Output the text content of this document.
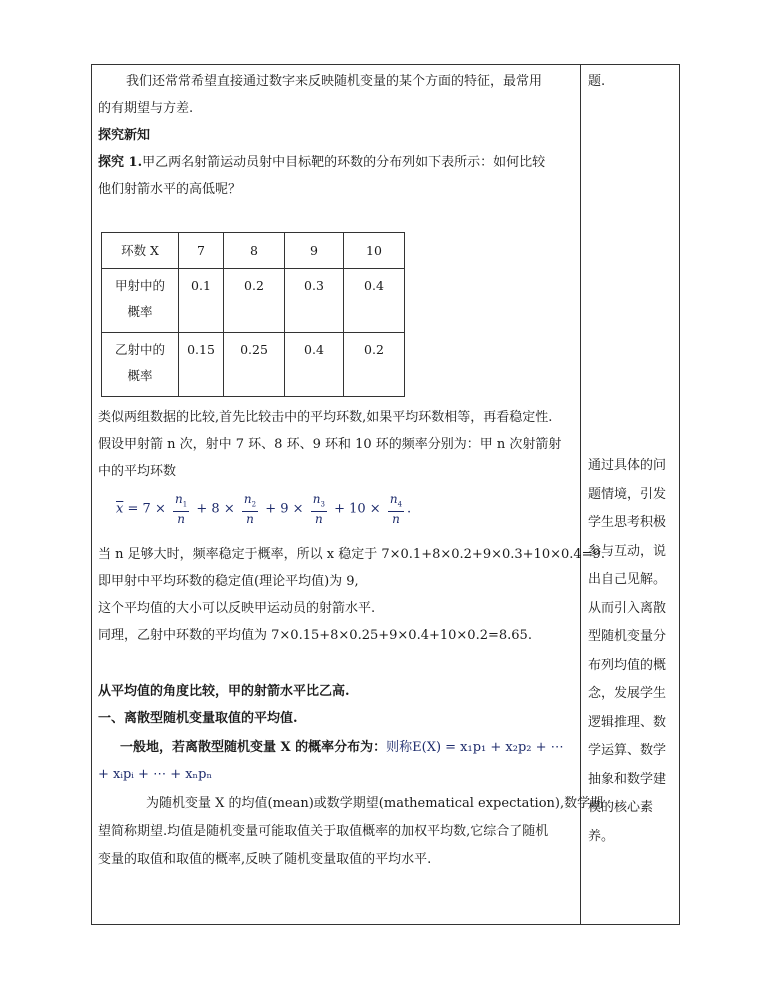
我们还常常希望直接通过数字来反映随机变量的某个方面的特征，最常用

的有期望与方差.

探究新知

探究 1.甲乙两名射箭运动员射中目标靶的环数的分布列如下表所示：如何比较

他们射箭水平的高低呢？

环数 X	7	8	9	10
甲射中的
概率	0.1	0.2	0.3	0.4
乙射中的
概率	0.15	0.25	0.4	0.2

类似两组数据的比较,首先比较击中的平均环数,如果平均环数相等，再看稳定性.

假设甲射箭 n 次，射中 7 环、8 环、9 环和 10 环的频率分别为：甲 n 次射箭射

中的平均环数

$\overline{x} = 7 \times \frac{n_1}{n} + 8 \times \frac{n_2}{n} + 9 \times \frac{n_3}{n} + 10 \times \frac{n_4}{n}$ .

当 n 足够大时，频率稳定于概率，所以 x 稳定于 7×0.1+8×0.2+9×0.3+10×0.4=9.

即甲射中平均环数的稳定值(理论平均值)为 9,

这个平均值的大小可以反映甲运动员的射箭水平.

同理，乙射中环数的平均值为 7×0.15+8×0.25+9×0.4+10×0.2=8.65.

从平均值的角度比较，甲的射箭水平比乙高.

一、离散型随机变量取值的平均值.

一般地，若离散型随机变量 X 的概率分布为：则称E(X) = x₁p₁ + x₂p₂ + ⋯

+ xᵢpᵢ + ⋯ + xₙpₙ

为随机变量 X 的均值(mean)或数学期望(mathematical expectation),数学期

望简称期望.均值是随机变量可能取值关于取值概率的加权平均数,它综合了随机

变量的取值和取值的概率,反映了随机变量取值的平均水平.

题.

通过具体的问

题情境，引发

学生思考积极

参与互动，说

出自己见解。

从而引入离散

型随机变量分

布列均值的概

念，发展学生

逻辑推理、数

学运算、数学

抽象和数学建

模的核心素

养。
